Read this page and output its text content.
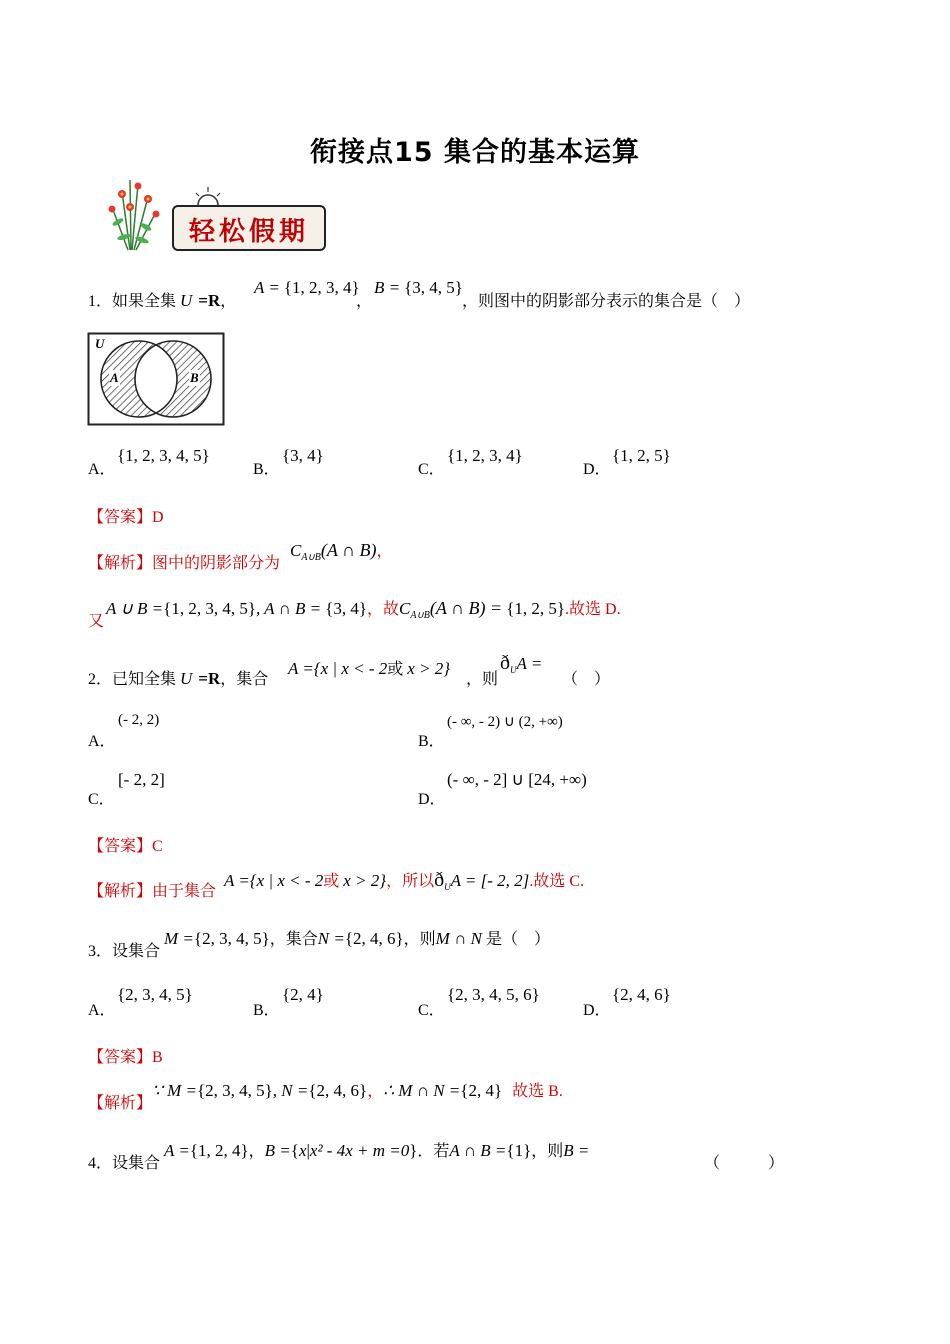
衔接点15 集合的基本运算
轻松假期
1．如果全集 U =R，
A = {1, 2, 3, 4}
，
B = {3, 4, 5}
，则图中的阴影部分表示的集合是（　）
U
A	B
A．
{1, 2, 3, 4, 5}
B．
{3, 4}
C．
{1, 2, 3, 4}
D．
{1, 2, 5}
【答案】D
【解析】图中的阴影部分为
$C_{A\cup B}(A$ ∩ B)，
又
A ∪ B ={1, 2, 3, 4, 5}, A ∩ B = {3, 4}，故$C_{A\cup B}(A$ ∩ B) = {1, 2, 5}.故选 D.
2．已知全集 U =R，集合
A ={x | x < - 2或 x > 2}
，则
$ð_UA$ =
（　）
A．
(- 2, 2)
B．
(- ∞, - 2) ∪ (2, +∞)
C．
[- 2, 2]
D．
(- ∞, - 2] ∪ [24, +∞)
【答案】C
【解析】由于集合
A ={x | x < - 2或 x > 2}，所以$ð_UA$ = [- 2, 2].故选 C.
3．设集合
M ={2, 3, 4, 5}，集合N ={2, 4, 6}，则M ∩ N 是（　）
A．
{2, 3, 4, 5}
B．
{2, 4}
C．
{2, 3, 4, 5, 6}
D．
{2, 4, 6}
【答案】B
【解析】
∵ M ={2, 3, 4, 5}, N ={2, 4, 6}，∴ M ∩ N ={2, 4} 故选 B.
4．设集合
A ={1, 2, 4}，B ={x|x² - 4x + m =0}．若A ∩ B ={1}，则B =
（　　　）
